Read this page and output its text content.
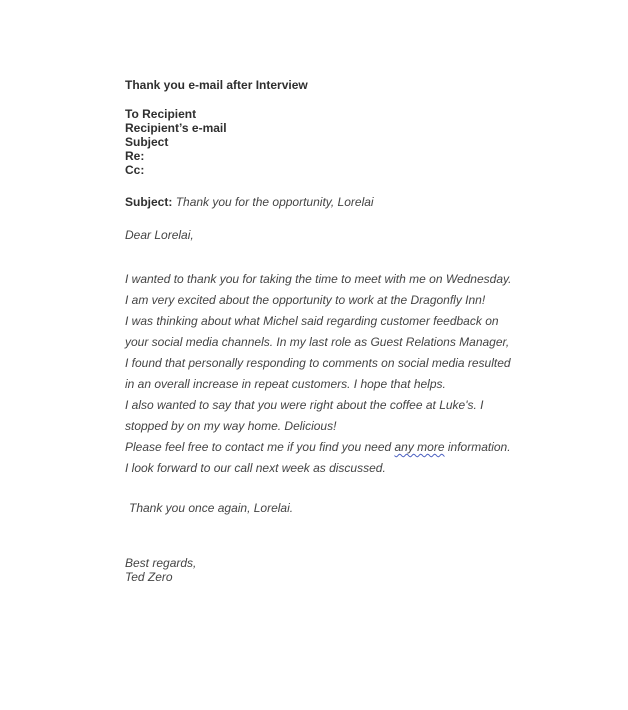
Thank you e-mail after Interview
To Recipient
Recipient’s e-mail
Subject
Re:
Cc:
Subject: Thank you for the opportunity, Lorelai
Dear Lorelai,

I wanted to thank you for taking the time to meet with me on Wednesday. I am very excited about the opportunity to work at the Dragonfly Inn!

I was thinking about what Michel said regarding customer feedback on your social media channels. In my last role as Guest Relations Manager, I found that personally responding to comments on social media resulted in an overall increase in repeat customers. I hope that helps.

I also wanted to say that you were right about the coffee at Luke's. I stopped by on my way home. Delicious!

Please feel free to contact me if you find you need any more information. I look forward to our call next week as discussed.

Thank you once again, Lorelai.
Best regards,
Ted Zero
